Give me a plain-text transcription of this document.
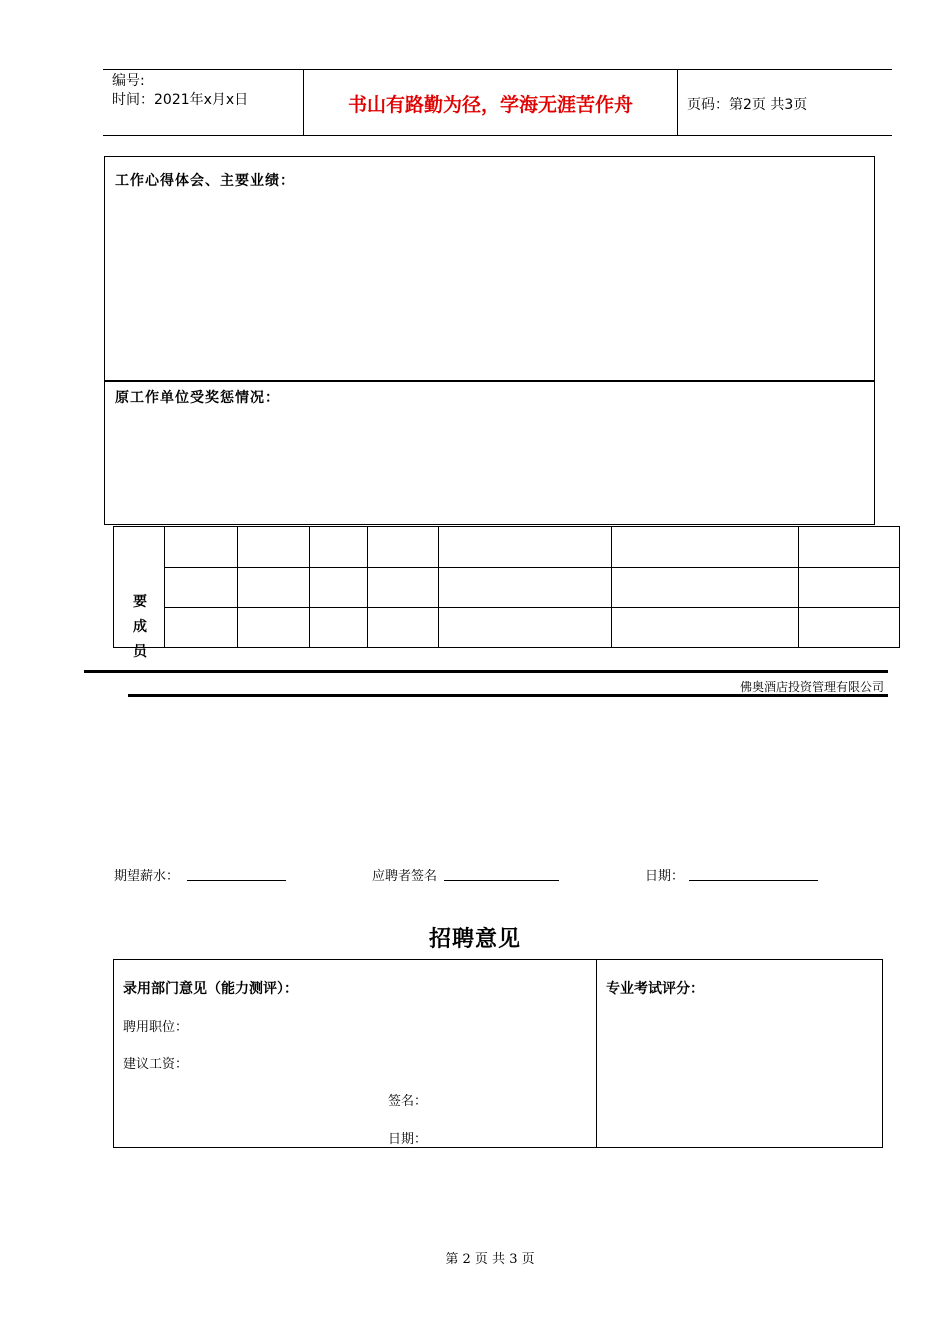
编号:
时间：2021年x月x日	书山有路勤为径，学海无涯苦作舟	页码：第2页 共3页
工作心得体会、主要业绩：
原工作单位受奖惩情况：

要
成
员
佛奥酒店投资管理有限公司
期望薪水：	应聘者签名	日期：
招聘意见
录用部门意见（能力测评）：
聘用职位：
建议工资：
签名：
日期：
专业考试评分：
第 2 页 共 3 页
